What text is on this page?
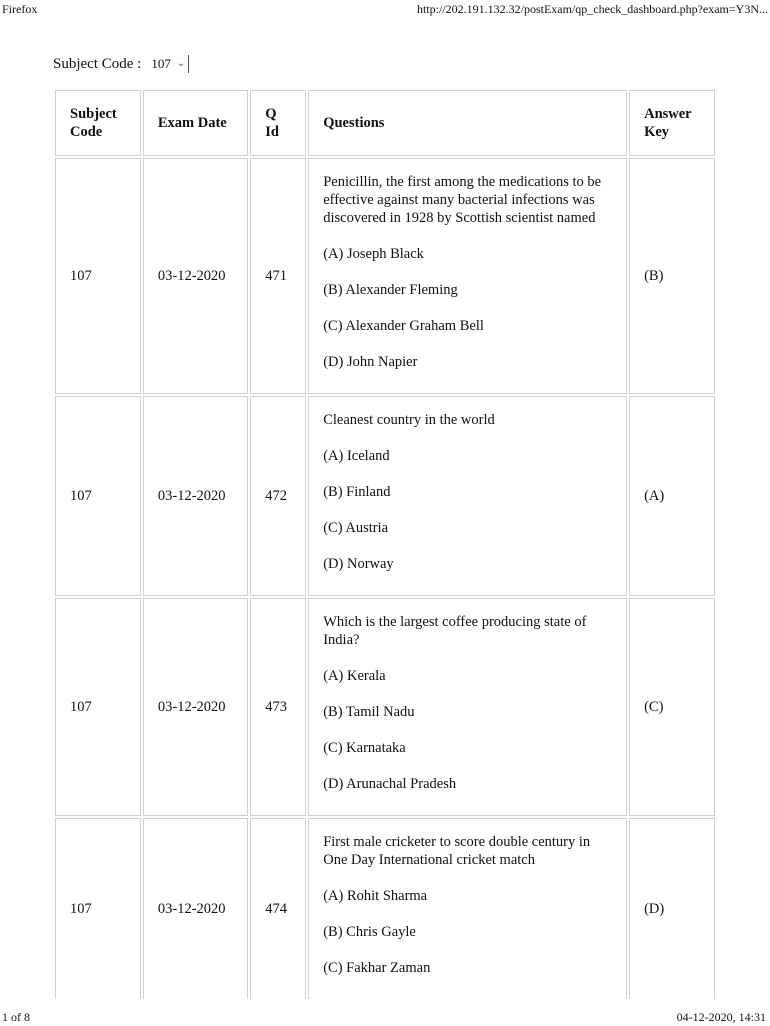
Firefox	http://202.191.132.32/postExam/qp_check_dashboard.php?exam=Y3N...
Subject Code : 107 ⌄
Subject Code	Exam Date	Q Id	Questions	Answer Key
107	03-12-2020	471	Penicillin, the first among the medications to be effective against many bacterial infections was discovered in 1928 by Scottish scientist named

(A) Joseph Black

(B) Alexander Fleming

(C) Alexander Graham Bell

(D) John Napier	(B)
107	03-12-2020	472	Cleanest country in the world

(A) Iceland

(B) Finland

(C) Austria

(D) Norway	(A)
107	03-12-2020	473	Which is the largest coffee producing state of India?

(A) Kerala

(B) Tamil Nadu

(C) Karnataka

(D) Arunachal Pradesh	(C)
107	03-12-2020	474	First male cricketer to score double century in One Day International cricket match

(A) Rohit Sharma

(B) Chris Gayle

(C) Fakhar Zaman	(D)
1 of 8	04-12-2020, 14:31
